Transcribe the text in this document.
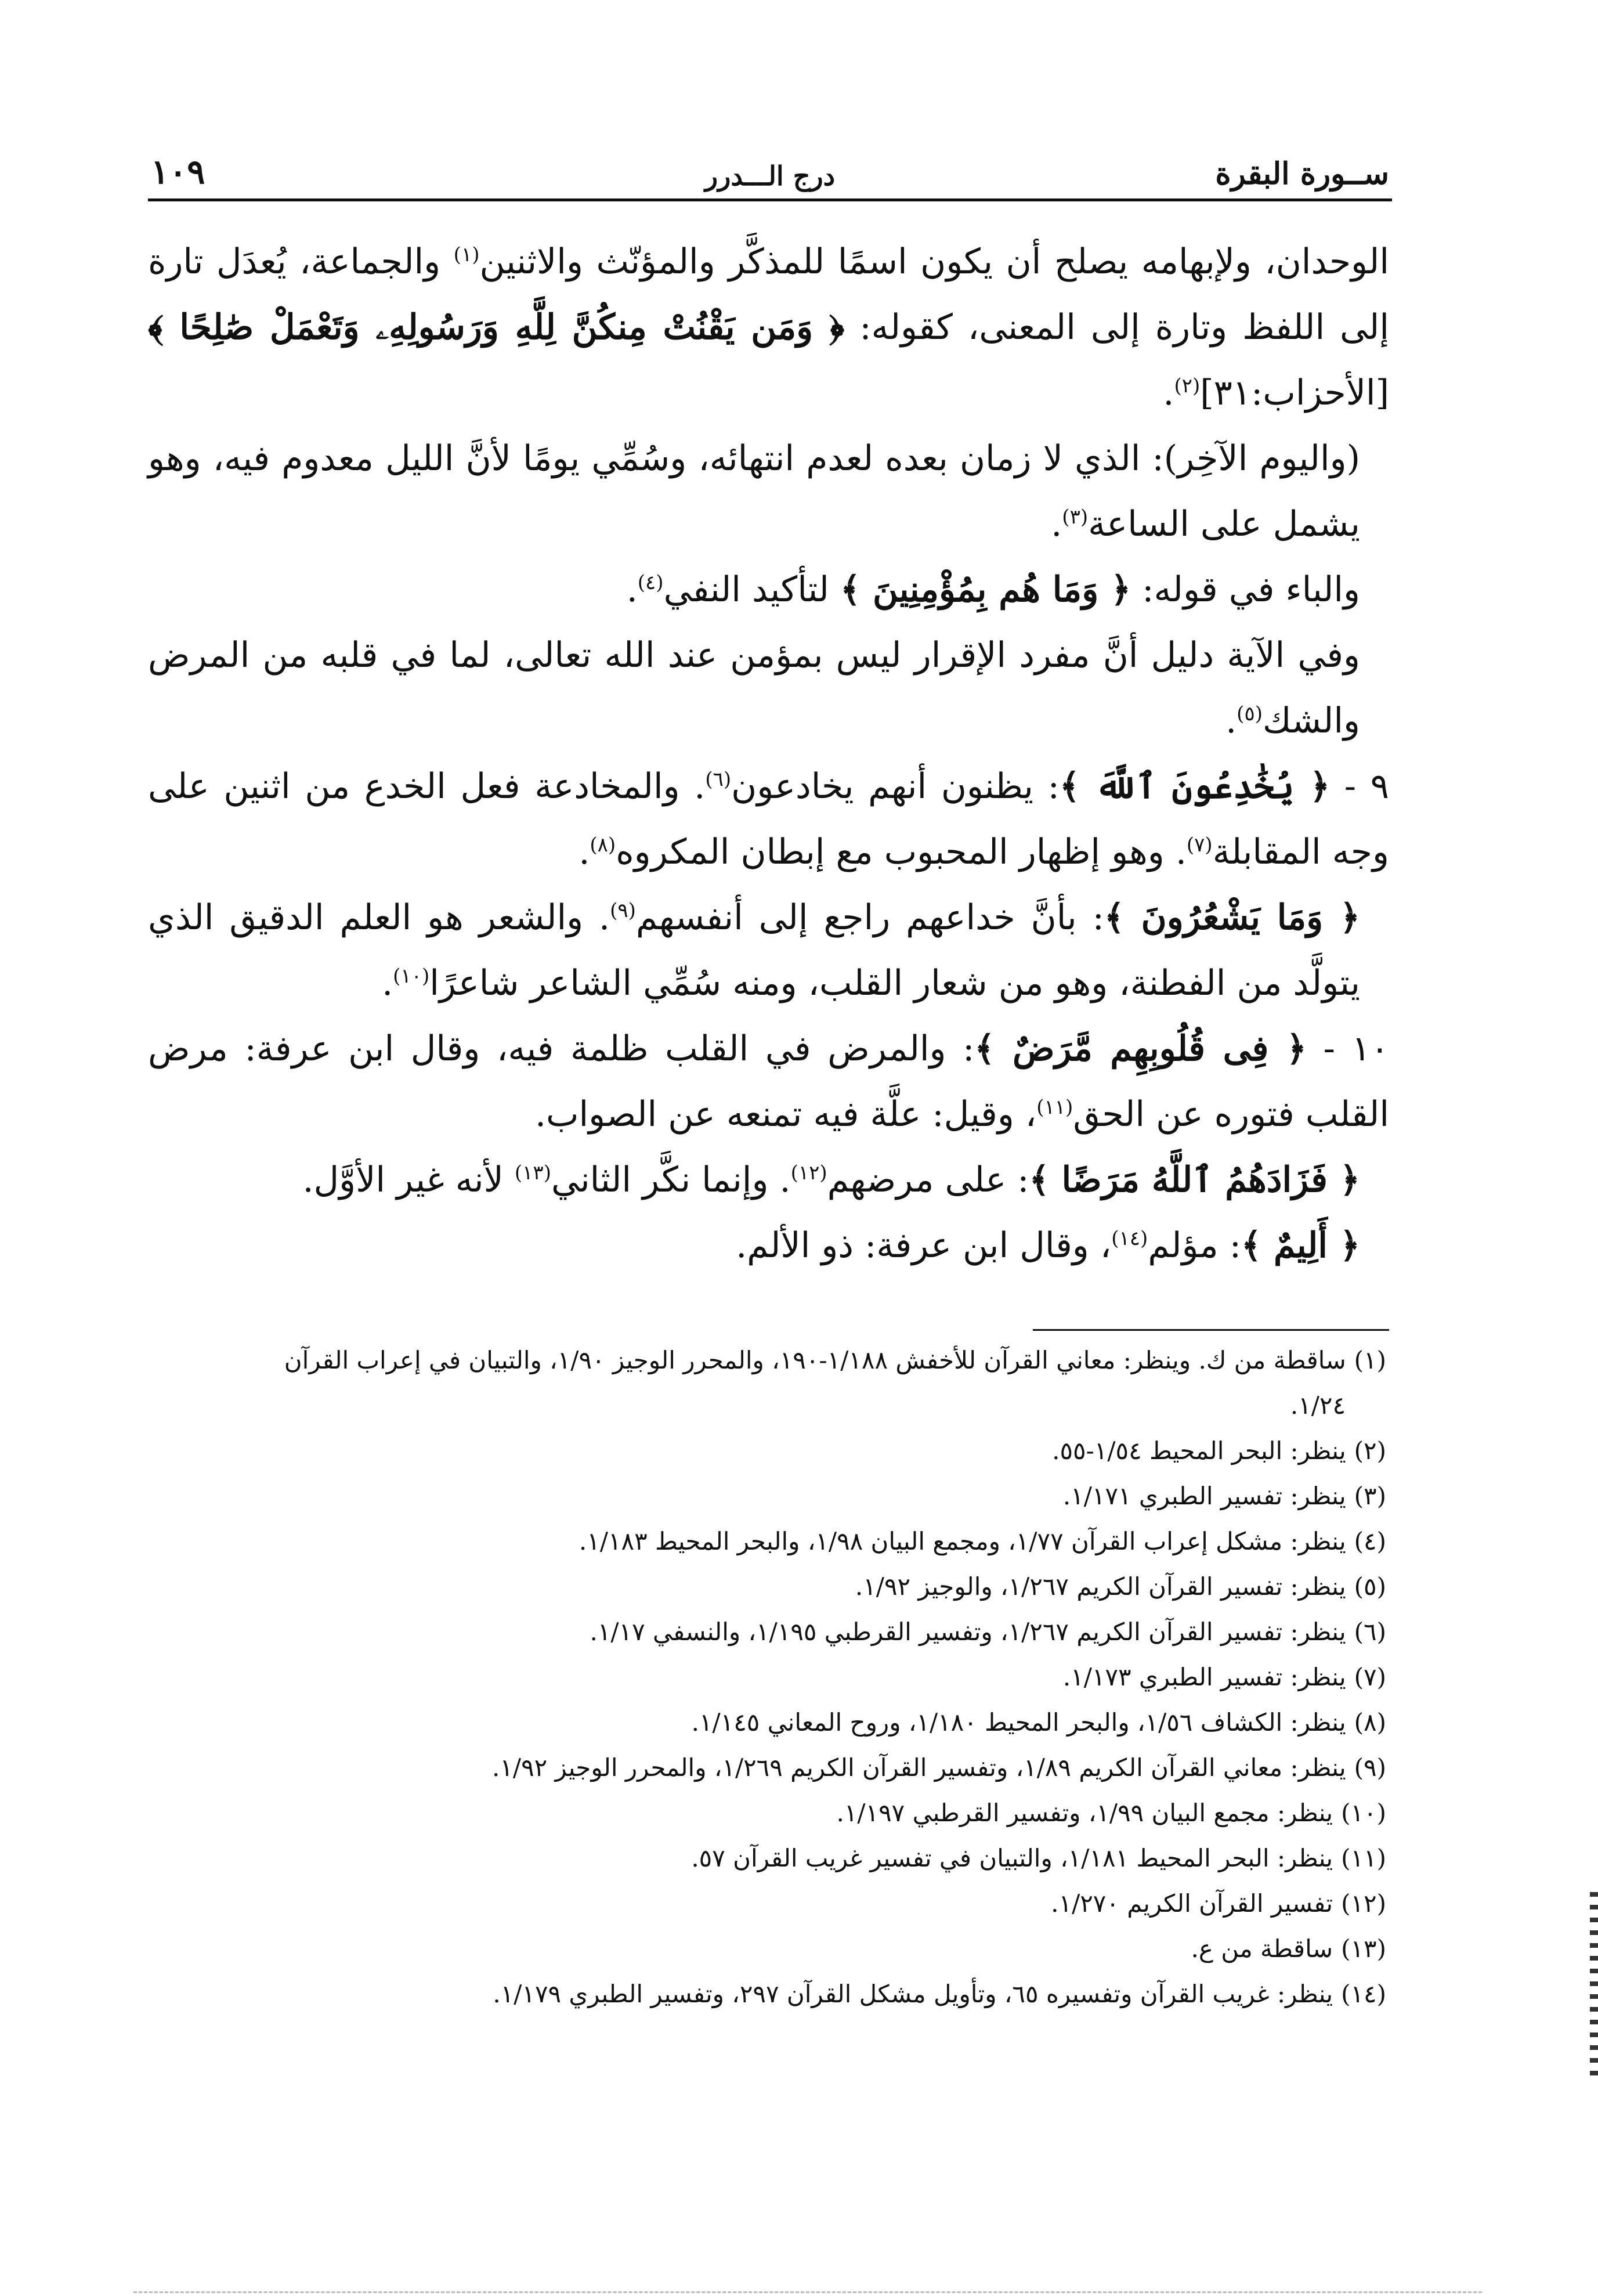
ســورة البقرة
درج الـــدرر
١٠٩

الوحدان، ولإبهامه يصلح أن يكون اسمًا للمذكَّر والمؤنّث والاثنين$^{(١)}$ والجماعة، يُعدَل تارة إلى اللفظ وتارة إلى المعنى، كقوله: ﴿ وَمَن يَقْنُتْ مِنكُنَّ لِلَّهِ وَرَسُولِهِۦ وَتَعْمَلْ صَٰلِحًا ﴾ [الأحزاب:٣١]$^{(٢)}$.

(واليوم الآخِر): الذي لا زمان بعده لعدم انتهائه، وسُمِّي يومًا لأنَّ الليل معدوم فيه، وهو يشمل على الساعة$^{(٣)}$.

والباء في قوله: ﴿ وَمَا هُم بِمُؤْمِنِينَ ﴾ لتأكيد النفي$^{(٤)}$.

وفي الآية دليل أنَّ مفرد الإقرار ليس بمؤمن عند الله تعالى، لما في قلبه من المرض والشك$^{(٥)}$.

٩ - ﴿ يُخَٰدِعُونَ ٱللَّهَ ﴾: يظنون أنهم يخادعون$^{(٦)}$. والمخادعة فعل الخدع من اثنين على وجه المقابلة$^{(٧)}$. وهو إظهار المحبوب مع إبطان المكروه$^{(٨)}$.

﴿ وَمَا يَشْعُرُونَ ﴾: بأنَّ خداعهم راجع إلى أنفسهم$^{(٩)}$. والشعر هو العلم الدقيق الذي يتولَّد من الفطنة، وهو من شعار القلب، ومنه سُمِّي الشاعر شاعرًا$^{(١٠)}$.

١٠ - ﴿ فِى قُلُوبِهِم مَّرَضٌ ﴾: والمرض في القلب ظلمة فيه، وقال ابن عرفة: مرض القلب فتوره عن الحق$^{(١١)}$، وقيل: علَّة فيه تمنعه عن الصواب.

﴿ فَزَادَهُمُ ٱللَّهُ مَرَضًا ﴾: على مرضهم$^{(١٢)}$. وإنما نكَّر الثاني$^{(١٣)}$ لأنه غير الأوَّل.

﴿ أَلِيمٌ ﴾: مؤلم$^{(١٤)}$، وقال ابن عرفة: ذو الألم.

(١)ساقطة من ك. وينظر: معاني القرآن للأخفش ١/١٨٨-١٩٠، والمحرر الوجيز ١/٩٠، والتبيان في إعراب القرآن
١/٢٤.
(٢)ينظر: البحر المحيط ١/٥٤-٥٥.
(٣)ينظر: تفسير الطبري ١/١٧١.
(٤)ينظر: مشكل إعراب القرآن ١/٧٧، ومجمع البيان ١/٩٨، والبحر المحيط ١/١٨٣.
(٥)ينظر: تفسير القرآن الكريم ١/٢٦٧، والوجيز ١/٩٢.
(٦)ينظر: تفسير القرآن الكريم ١/٢٦٧، وتفسير القرطبي ١/١٩٥، والنسفي ١/١٧.
(٧)ينظر: تفسير الطبري ١/١٧٣.
(٨)ينظر: الكشاف ١/٥٦، والبحر المحيط ١/١٨٠، وروح المعاني ١/١٤٥.
(٩)ينظر: معاني القرآن الكريم ١/٨٩، وتفسير القرآن الكريم ١/٢٦٩، والمحرر الوجيز ١/٩٢.
(١٠)ينظر: مجمع البيان ١/٩٩، وتفسير القرطبي ١/١٩٧.
(١١)ينظر: البحر المحيط ١/١٨١، والتبيان في تفسير غريب القرآن ٥٧.
(١٢)تفسير القرآن الكريم ١/٢٧٠.
(١٣)ساقطة من ع.
(١٤)ينظر: غريب القرآن وتفسيره ٦٥، وتأويل مشكل القرآن ٢٩٧، وتفسير الطبري ١/١٧٩.
